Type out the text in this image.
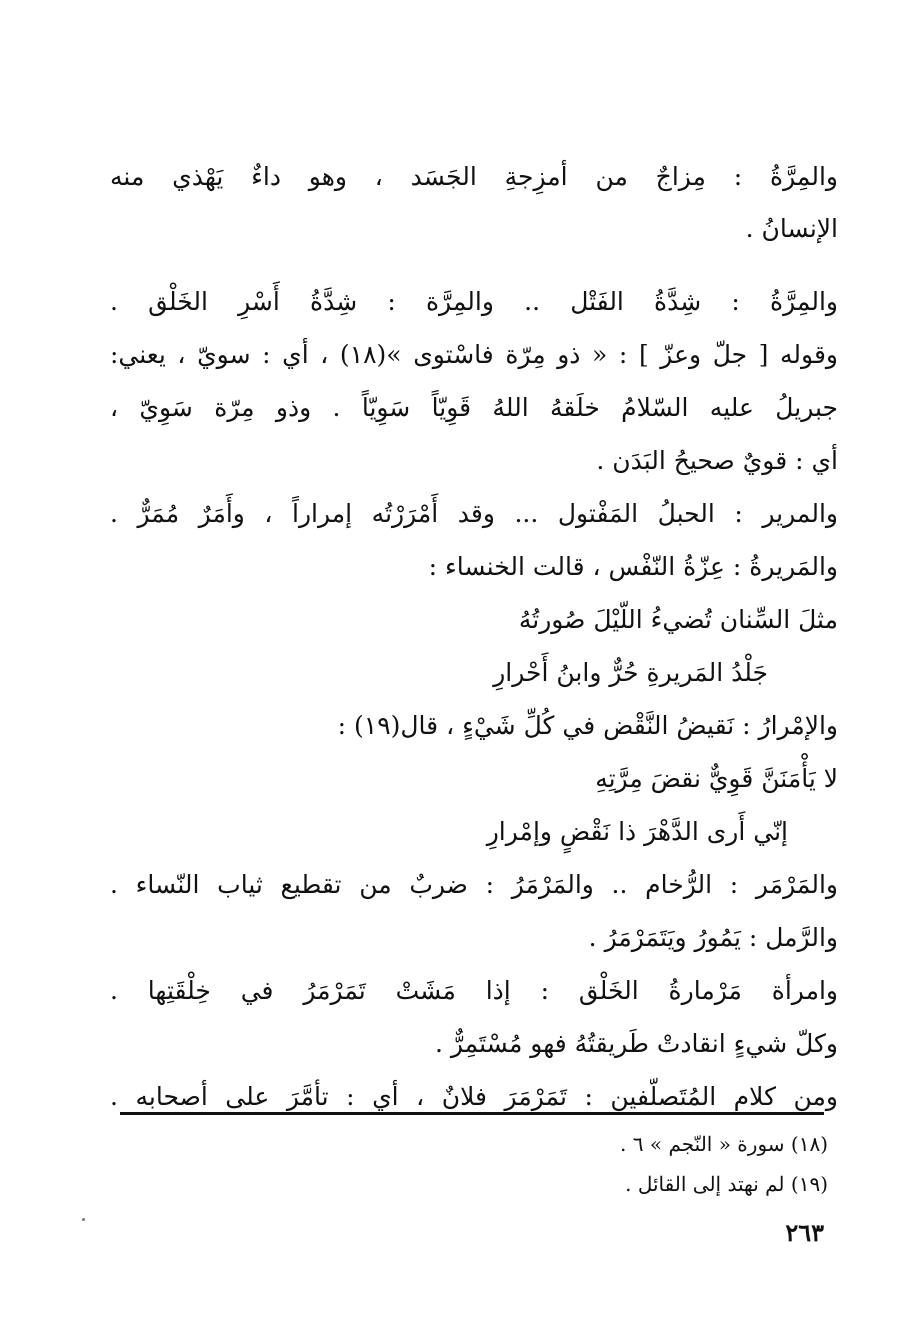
والمِرَّةُ : مِزاجٌ من أمزِجةِ الجَسَد ، وهو داءٌ يَهْذي منه
الإنسانُ .
والمِرَّةُ : شِدَّةُ الفَتْل .. والمِرَّة : شِدَّةُ أَسْرِ الخَلْق .
وقوله [ جلّ وعزّ ] : « ذو مِرّة فاسْتوى »(١٨) ، أي : سويّ ، يعني:
جبريلُ عليه السّلامُ خلَقهُ اللهُ قَوِيّاً سَوِيّاً . وذو مِرّة سَوِيّ ،
أي : قويٌ صحيحُ البَدَن .
والمرير : الحبلُ المَفْتول ... وقد أَمْرَرْتُه إمراراً ، وأَمَرٌ مُمَرٌّ .
والمَريرةُ : عِزّةُ النّفْس ، قالت الخنساء :
مثلَ السِّنان تُضيءُ اللّيْلَ صُورتُهُ
جَلْدُ المَريرةِ حُرٌّ وابنُ أَحْرارِ
والإمْرارُ : نَقيضُ النَّقْض في كُلِّ شَيْءٍ ، قال(١٩) :
لا يَأْمَنَنَّ قَوِيٌّ نقضَ مِرَّتِهِ
إنّي أَرى الدَّهْرَ ذا نَقْضٍ وإمْرارِ
والمَرْمَر : الرُّخام .. والمَرْمَرُ : ضربٌ من تقطيع ثياب النّساء .
والرَّمل : يَمُورُ ويَتَمَرْمَرُ .
وامرأة مَرْمارةُ الخَلْق : إذا مَشَتْ تَمَرْمَرُ في خِلْقَتِها .
وكلّ شيءٍ انقادتْ طَريقتُهُ فهو مُسْتَمِرٌّ .
ومن كلام المُتَصلّفين : تَمَرْمَرَ فلانٌ ، أي : تأمَّرَ على أصحابه .
(١٨) سورة « النّجم » ٦ .
(١٩) لم نهتد إلى القائل .
٢٦٣
